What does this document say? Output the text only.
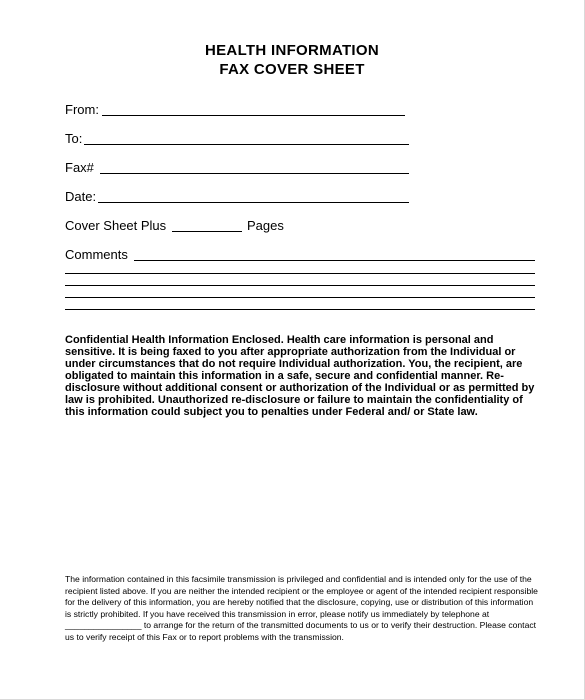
HEALTH INFORMATION
FAX COVER SHEET
From:
To:
Fax#
Date:
Cover Sheet Plus	Pages
Comments

Confidential Health Information Enclosed. Health care information is personal and sensitive. It is being faxed to you after appropriate authorization from the Individual or under circumstances that do not require Individual authorization. You, the recipient, are obligated to maintain this information in a safe, secure and confidential manner. Re-disclosure without additional consent or authorization of the Individual or as permitted by law is prohibited. Unauthorized re-disclosure or failure to maintain the confidentiality of this information could subject you to penalties under Federal and/ or State law.

The information contained in this facsimile transmission is privileged and confidential and is intended only for the use of the recipient listed above. If you are neither the intended recipient or the employee or agent of the intended recipient responsible for the delivery of this information, you are hereby notified that the disclosure, copying, use or distribution of this information is strictly prohibited. If you have received this transmission in error, please notify us immediately by telephone at ________________ to arrange for the return of the transmitted documents to us or to verify their destruction. Please contact us to verify receipt of this Fax or to report problems with the transmission.
